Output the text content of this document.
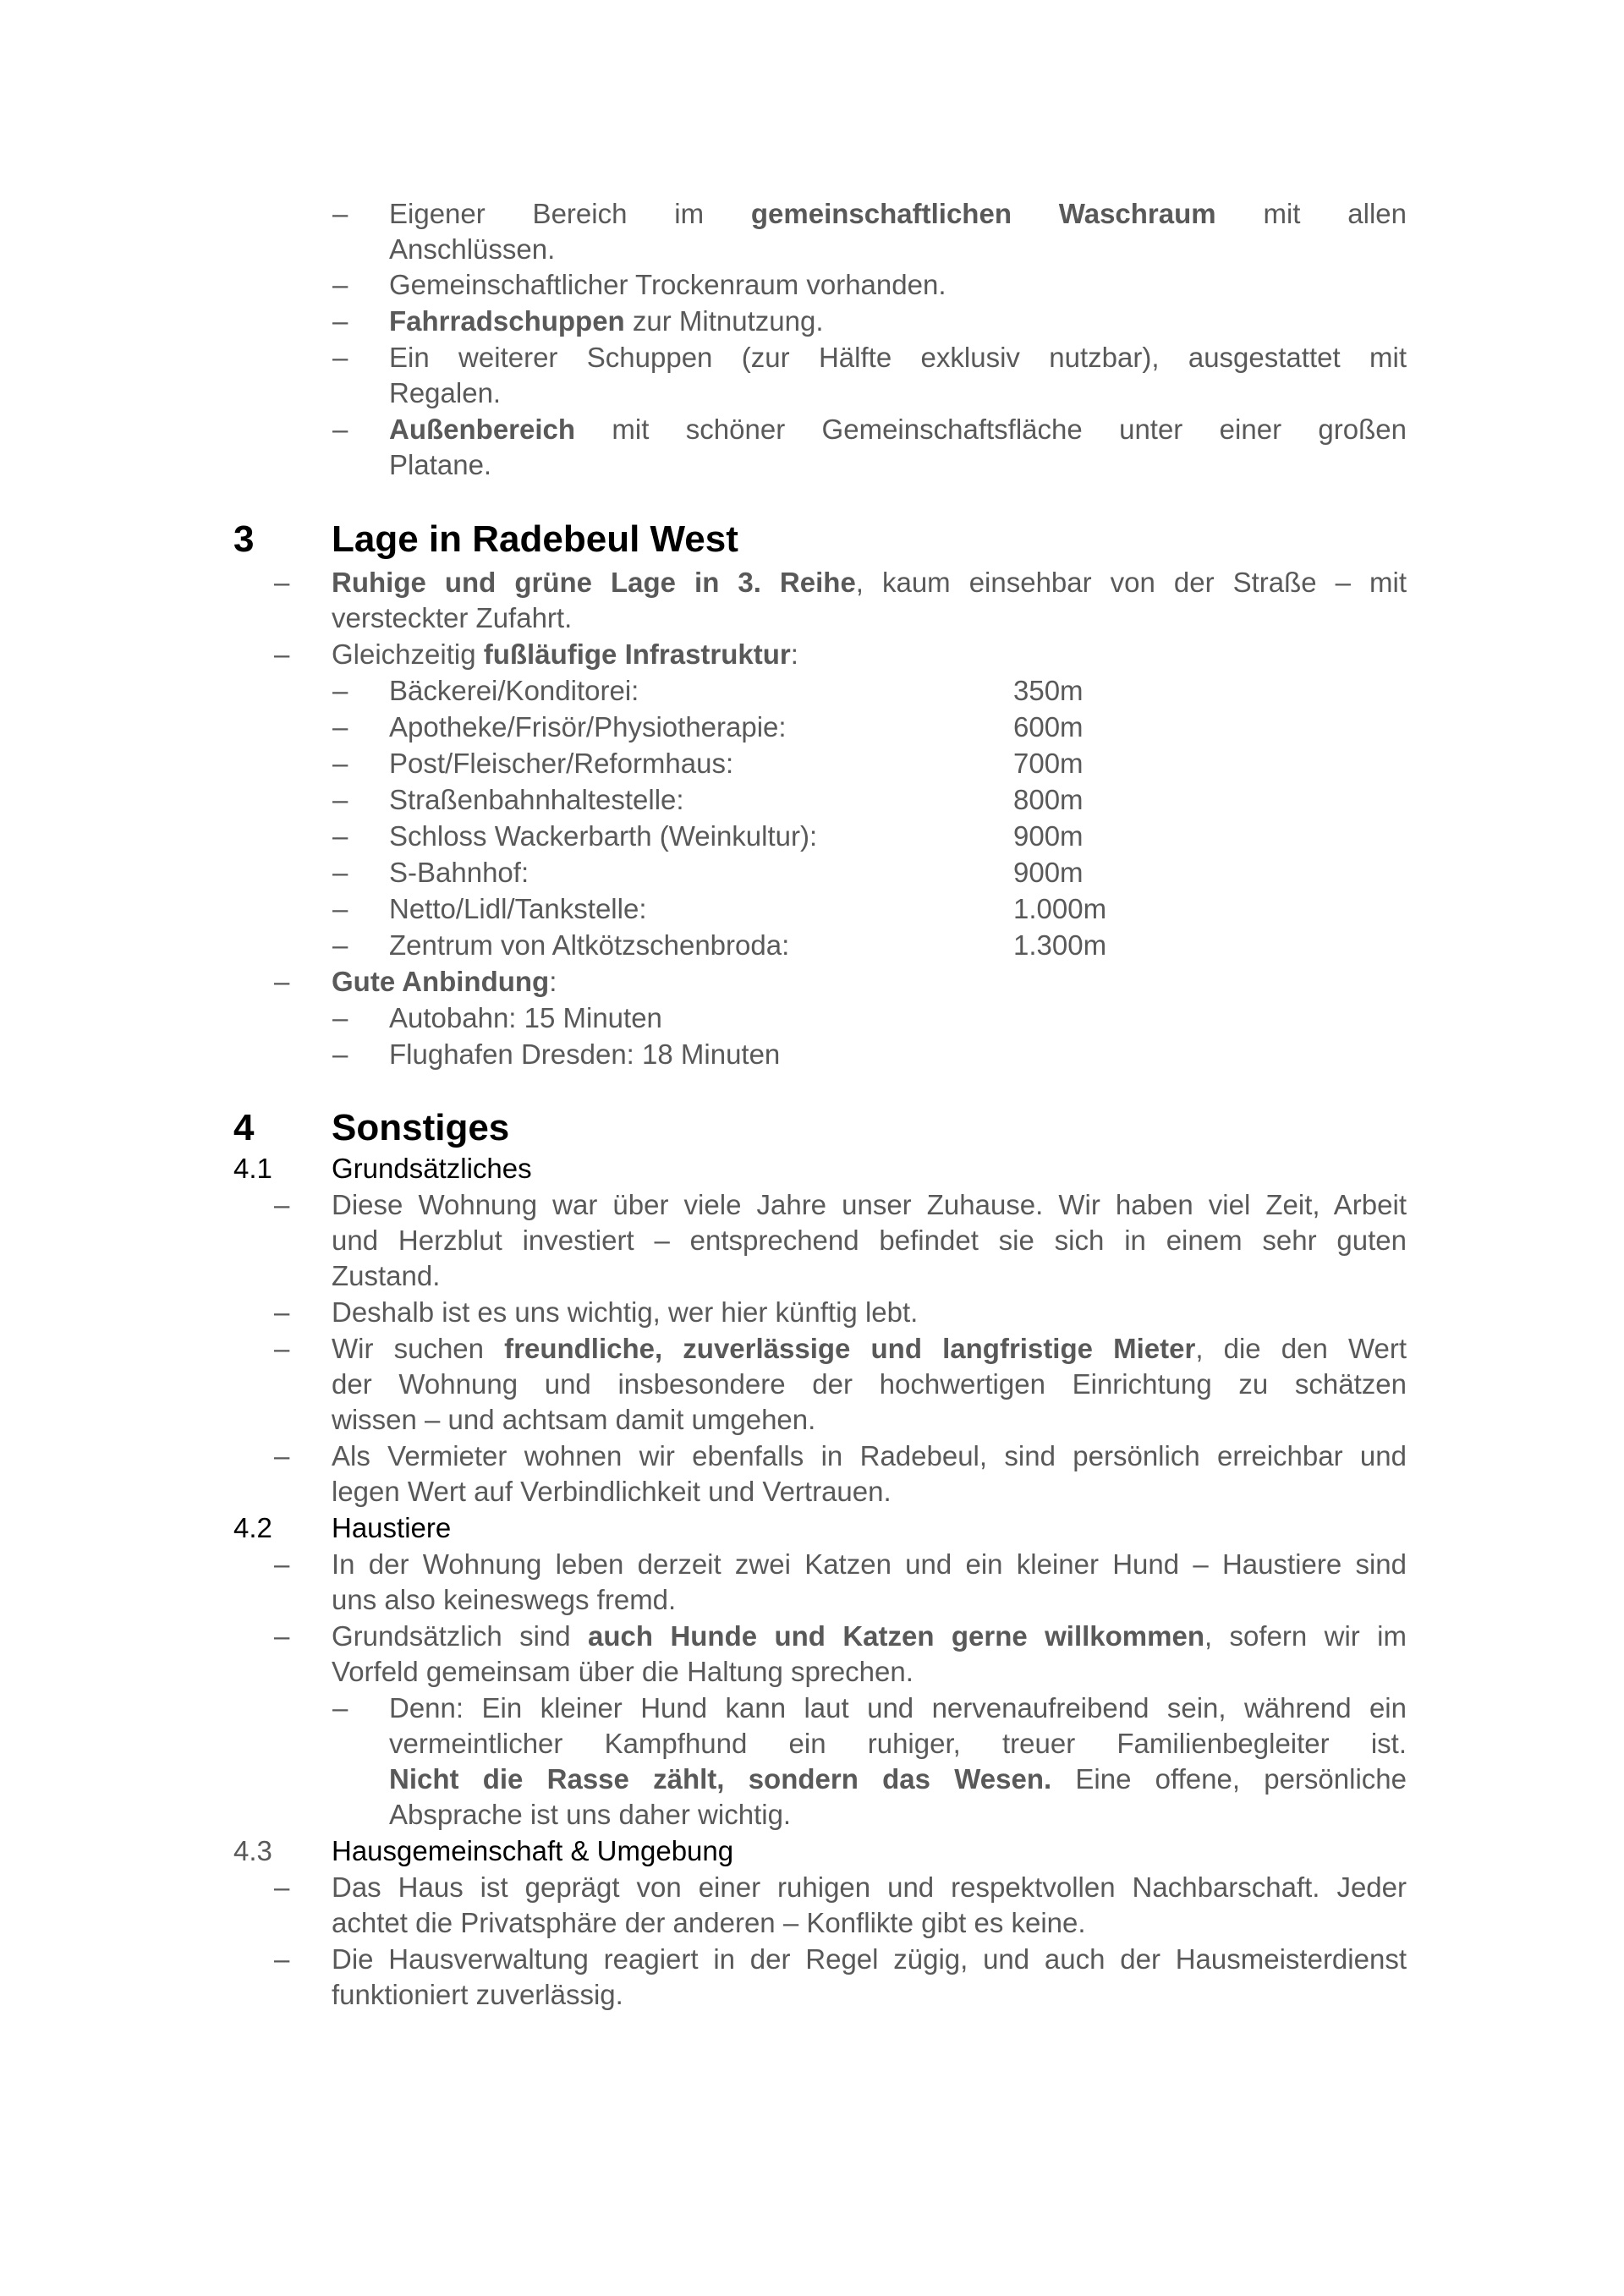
– Eigener Bereich im gemeinschaftlichen Waschraum mit allen
Anschlüssen.
– Gemeinschaftlicher Trockenraum vorhanden.
– Fahrradschuppen zur Mitnutzung.
– Ein weiterer Schuppen (zur Hälfte exklusiv nutzbar), ausgestattet mit
Regalen.
– Außenbereich mit schöner Gemeinschaftsfläche unter einer großen
Platane.
3 Lage in Radebeul West
– Ruhige und grüne Lage in 3. Reihe, kaum einsehbar von der Straße – mit
versteckter Zufahrt.
– Gleichzeitig fußläufige Infrastruktur:
– Bäckerei/Konditorei:	350m
– Apotheke/Frisör/Physiotherapie:	600m
– Post/Fleischer/Reformhaus:	700m
– Straßenbahnhaltestelle:	800m
– Schloss Wackerbarth (Weinkultur):	900m
– S-Bahnhof:	900m
– Netto/Lidl/Tankstelle:	1.000m
– Zentrum von Altkötzschenbroda:	1.300m
– Gute Anbindung:
– Autobahn: 15 Minuten
– Flughafen Dresden: 18 Minuten
4 Sonstiges
4.1 Grundsätzliches
– Diese Wohnung war über viele Jahre unser Zuhause. Wir haben viel Zeit, Arbeit
und Herzblut investiert – entsprechend befindet sie sich in einem sehr guten
Zustand.
– Deshalb ist es uns wichtig, wer hier künftig lebt.
– Wir suchen freundliche, zuverlässige und langfristige Mieter, die den Wert
der Wohnung und insbesondere der hochwertigen Einrichtung zu schätzen
wissen – und achtsam damit umgehen.
– Als Vermieter wohnen wir ebenfalls in Radebeul, sind persönlich erreichbar und
legen Wert auf Verbindlichkeit und Vertrauen.
4.2 Haustiere
– In der Wohnung leben derzeit zwei Katzen und ein kleiner Hund – Haustiere sind
uns also keineswegs fremd.
– Grundsätzlich sind auch Hunde und Katzen gerne willkommen, sofern wir im
Vorfeld gemeinsam über die Haltung sprechen.
– Denn: Ein kleiner Hund kann laut und nervenaufreibend sein, während ein
vermeintlicher Kampfhund ein ruhiger, treuer Familienbegleiter ist.
Nicht die Rasse zählt, sondern das Wesen. Eine offene, persönliche
Absprache ist uns daher wichtig.
4.3 Hausgemeinschaft & Umgebung
– Das Haus ist geprägt von einer ruhigen und respektvollen Nachbarschaft. Jeder
achtet die Privatsphäre der anderen – Konflikte gibt es keine.
– Die Hausverwaltung reagiert in der Regel zügig, und auch der Hausmeisterdienst
funktioniert zuverlässig.
